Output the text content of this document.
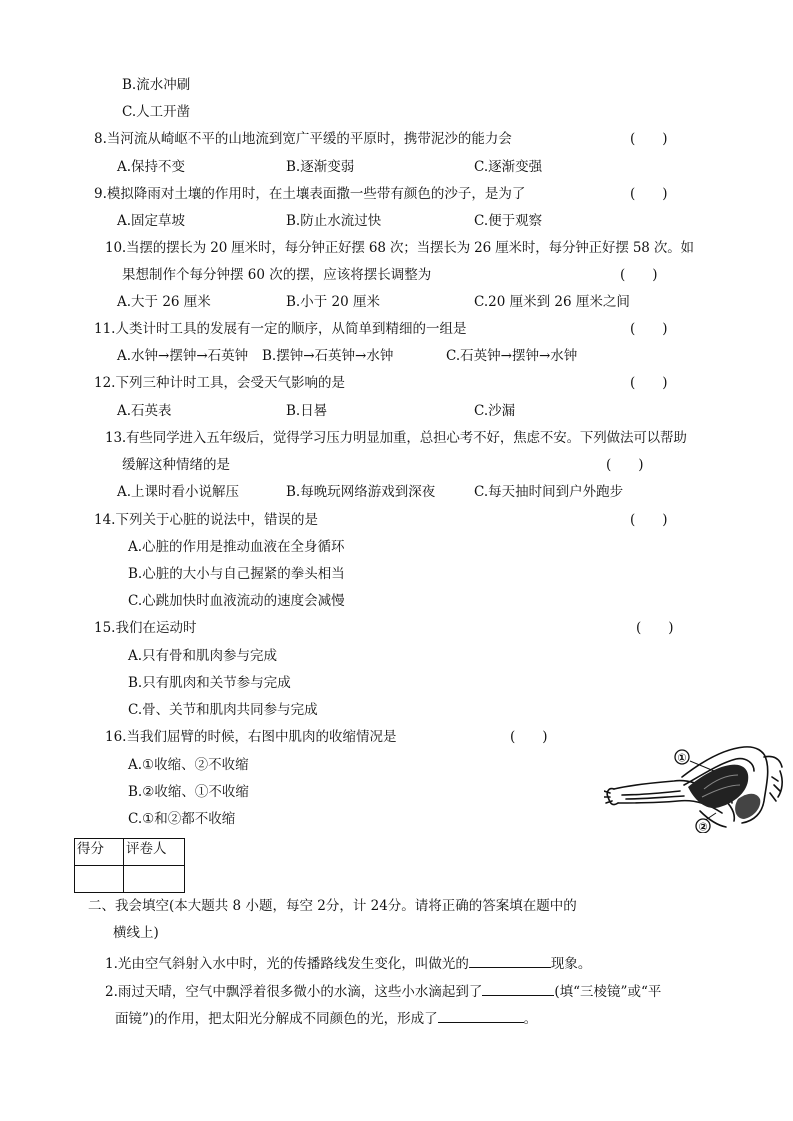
B.流水冲刷
C.人工开凿
8.当河流从崎岖不平的山地流到宽广平缓的平原时，携带泥沙的能力会	(　　)
A.保持不变	B.逐渐变弱	C.逐渐变强
9.模拟降雨对土壤的作用时，在土壤表面撒一些带有颜色的沙子，是为了	(　　)
A.固定草坡	B.防止水流过快	C.便于观察
10.当摆的摆长为 20 厘米时，每分钟正好摆 68 次；当摆长为 26 厘米时，每分钟正好摆 58 次。如
果想制作个每分钟摆 60 次的摆，应该将摆长调整为	(　　)
A.大于 26 厘米	B.小于 20 厘米	C.20 厘米到 26 厘米之间
11.人类计时工具的发展有一定的顺序，从简单到精细的一组是	(　　)
A.水钟→摆钟→石英钟 B.摆钟→石英钟→水钟	C.石英钟→摆钟→水钟
12.下列三种计时工具，会受天气影响的是	(　　)
A.石英表	B.日晷	C.沙漏
13.有些同学进入五年级后，觉得学习压力明显加重，总担心考不好，焦虑不安。下列做法可以帮助
缓解这种情绪的是	(　　)
A.上课时看小说解压	B.每晚玩网络游戏到深夜	C.每天抽时间到户外跑步
14.下列关于心脏的说法中，错误的是	(　　)
A.心脏的作用是推动血液在全身循环
B.心脏的大小与自己握紧的拳头相当
C.心跳加快时血液流动的速度会减慢
15.我们在运动时	(　　)
A.只有骨和肌肉参与完成
B.只有肌肉和关节参与完成
C.骨、关节和肌肉共同参与完成
16.当我们屈臂的时候，右图中肌肉的收缩情况是	(　　)
A.①收缩、②不收缩
B.②收缩、①不收缩
C.①和②都不收缩
①
②
得分	评卷人

二、我会填空(本大题共 8 小题，每空 2分，计 24分。请将正确的答案填在题中的
横线上)
1.光由空气斜射入水中时，光的传播路线发生变化，叫做光的	现象。
2.雨过天晴，空气中飘浮着很多微小的水滴，这些小水滴起到了	(填“三棱镜”或“平
面镜”)的作用，把太阳光分解成不同颜色的光，形成了	。
